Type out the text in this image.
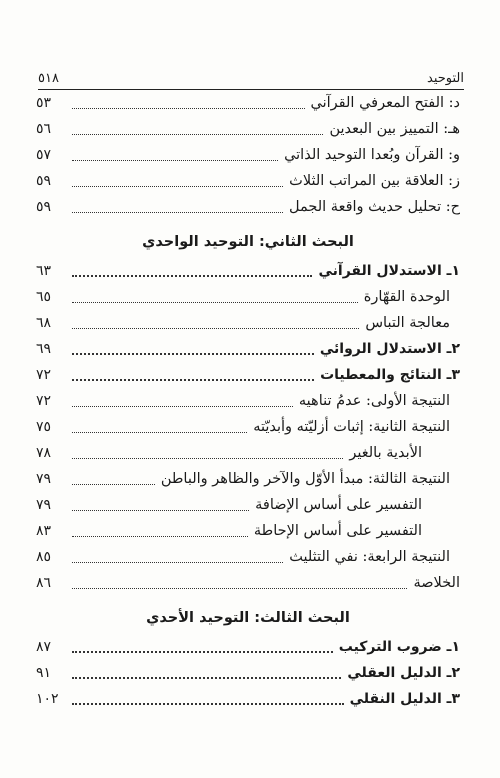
التوحيد
٥١٨
د: الفتح المعرفي القرآني
٥٣
هـ: التمييز بين البعدين
٥٦
و: القرآن وبُعدا التوحيد الذاتي
٥٧
ز: العلاقة بين المراتب الثلاث
٥٩
ح: تحليل حديث واقعة الجمل
٥٩
البحث الثاني: التوحيد الواحدي
١ـ الاستدلال القرآني
٦٣
الوحدة القهّارة
٦٥
معالجة التباس
٦٨
٢ـ الاستدلال الروائي
٦٩
٣ـ النتائج والمعطيات
٧٢
النتيجة الأولى: عدمُ تناهيه
٧٢
النتيجة الثانية: إثبات أزليّته وأبديّته
٧٥
الأبدية بالغير
٧٨
النتيجة الثالثة: مبدأ الأوّل والآخر والظاهر والباطن
٧٩
التفسير على أساس الإضافة
٧٩
التفسير على أساس الإحاطة
٨٣
النتيجة الرابعة: نفي التثليث
٨٥
الخلاصة
٨٦
البحث الثالث: التوحيد الأحدي
١ـ ضروب التركيب
٨٧
٢ـ الدليل العقلي
٩١
٣ـ الدليل النقلي
١٠٢
